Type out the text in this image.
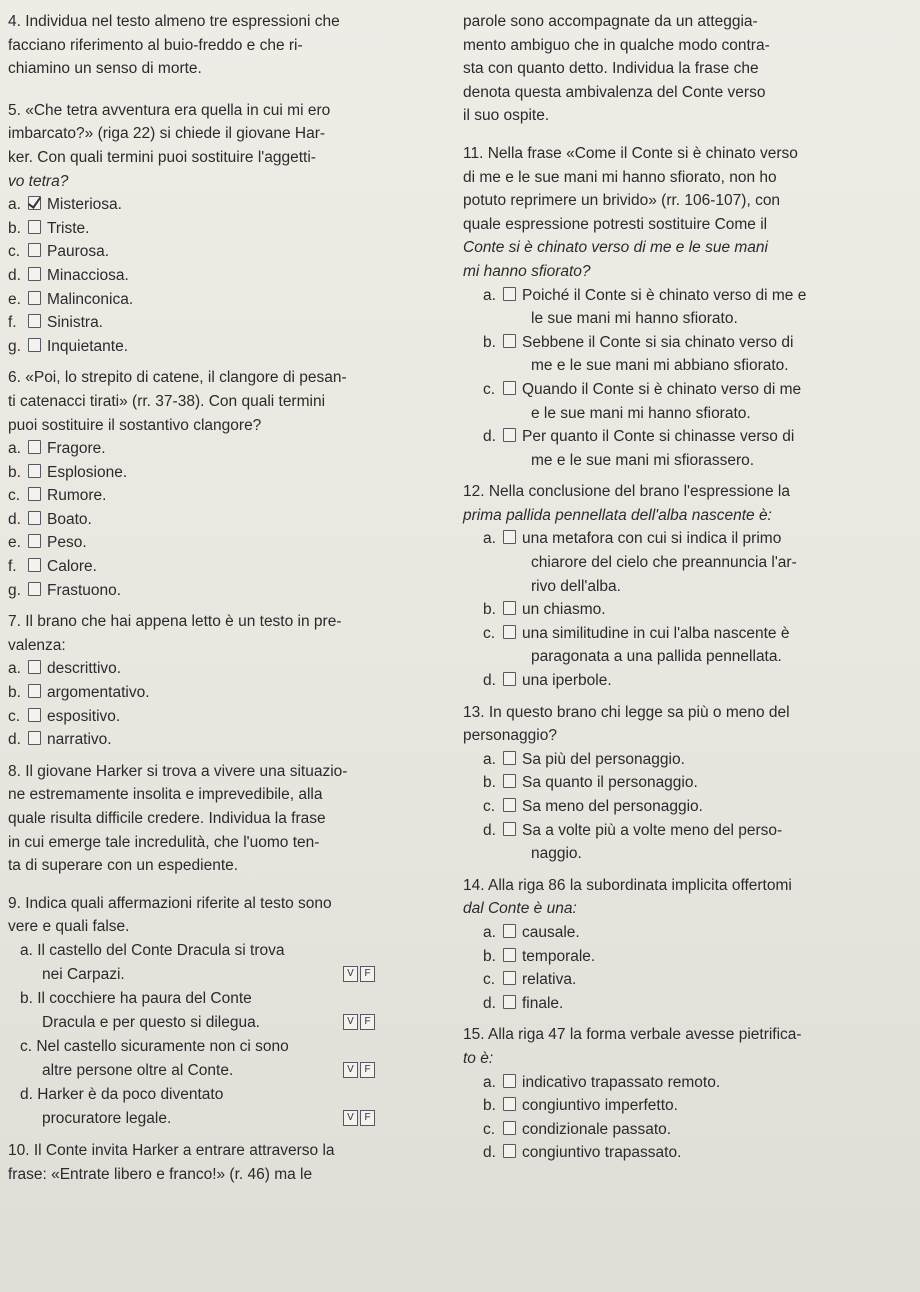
4. Individua nel testo almeno tre espressioni che
facciano riferimento al buio-freddo e che ri-
chiamino un senso di morte.
5. «Che tetra avventura era quella in cui mi ero
imbarcato?» (riga 22) si chiede il giovane Har-
ker. Con quali termini puoi sostituire l'aggetti-
vo tetra?
a. Misteriosa.
b. Triste.
c. Paurosa.
d. Minacciosa.
e. Malinconica.
f. Sinistra.
g. Inquietante.
6. «Poi, lo strepito di catene, il clangore di pesan-
ti catenacci tirati» (rr. 37-38). Con quali termini
puoi sostituire il sostantivo clangore?
a. Fragore.
b. Esplosione.
c. Rumore.
d. Boato.
e. Peso.
f. Calore.
g. Frastuono.
7. Il brano che hai appena letto è un testo in pre-
valenza:
a. descrittivo.
b. argomentativo.
c. espositivo.
d. narrativo.
8. Il giovane Harker si trova a vivere una situazio-
ne estremamente insolita e imprevedibile, alla
quale risulta difficile credere. Individua la frase
in cui emerge tale incredulità, che l'uomo ten-
ta di superare con un espediente.
9. Indica quali affermazioni riferite al testo sono
vere e quali false.
a. Il castello del Conte Dracula si trova
nei Carpazi.	V	F
b. Il cocchiere ha paura del Conte
Dracula e per questo si dilegua.	V	F
c. Nel castello sicuramente non ci sono
altre persone oltre al Conte.	V	F
d. Harker è da poco diventato
procuratore legale.	V	F
10. Il Conte invita Harker a entrare attraverso la
frase: «Entrate libero e franco!» (r. 46) ma le
parole sono accompagnate da un atteggia-
mento ambiguo che in qualche modo contra-
sta con quanto detto. Individua la frase che
denota questa ambivalenza del Conte verso
il suo ospite.
11. Nella frase «Come il Conte si è chinato verso
di me e le sue mani mi hanno sfiorato, non ho
potuto reprimere un brivido» (rr. 106-107), con
quale espressione potresti sostituire Come il
Conte si è chinato verso di me e le sue mani
mi hanno sfiorato?
a. Poiché il Conte si è chinato verso di me e
le sue mani mi hanno sfiorato.
b. Sebbene il Conte si sia chinato verso di
me e le sue mani mi abbiano sfiorato.
c. Quando il Conte si è chinato verso di me
e le sue mani mi hanno sfiorato.
d. Per quanto il Conte si chinasse verso di
me e le sue mani mi sfiorassero.
12. Nella conclusione del brano l'espressione la
prima pallida pennellata dell'alba nascente è:
a. una metafora con cui si indica il primo
chiarore del cielo che preannuncia l'ar-
rivo dell'alba.
b. un chiasmo.
c. una similitudine in cui l'alba nascente è
paragonata a una pallida pennellata.
d. una iperbole.
13. In questo brano chi legge sa più o meno del
personaggio?
a. Sa più del personaggio.
b. Sa quanto il personaggio.
c. Sa meno del personaggio.
d. Sa a volte più a volte meno del perso-
naggio.
14. Alla riga 86 la subordinata implicita offertomi
dal Conte è una:
a. causale.
b. temporale.
c. relativa.
d. finale.
15. Alla riga 47 la forma verbale avesse pietrifica-
to è:
a. indicativo trapassato remoto.
b. congiuntivo imperfetto.
c. condizionale passato.
d. congiuntivo trapassato.
